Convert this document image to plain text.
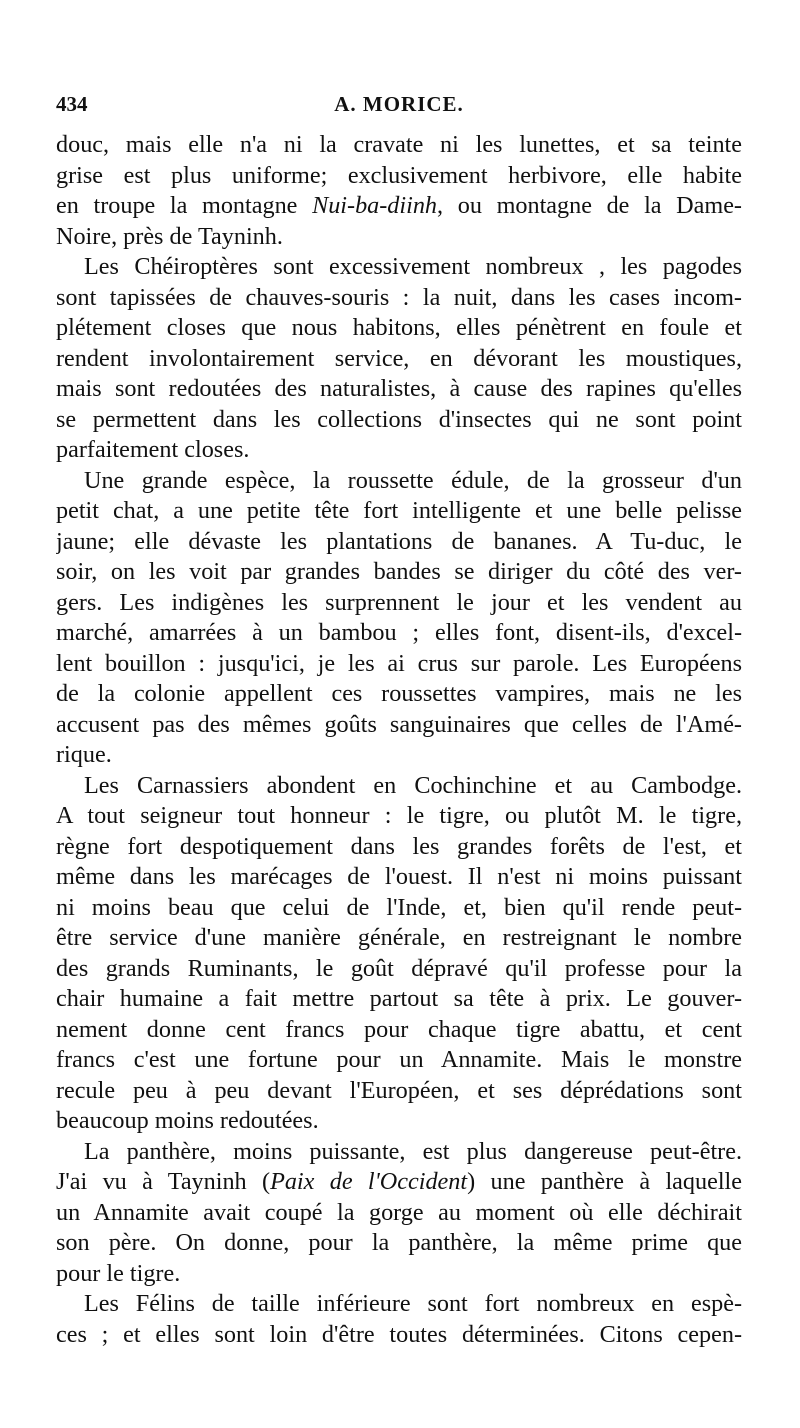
434	A. MORICE.
douc, mais elle n'a ni la cravate ni les lunettes, et sa teinte
grise est plus uniforme; exclusivement herbivore, elle habite
en troupe la montagne Nui-ba-diinh, ou montagne de la Dame-
Noire, près de Tayninh.
Les Chéiroptères sont excessivement nombreux , les pagodes
sont tapissées de chauves-souris : la nuit, dans les cases incom-
plétement closes que nous habitons, elles pénètrent en foule et
rendent involontairement service, en dévorant les moustiques,
mais sont redoutées des naturalistes, à cause des rapines qu'elles
se permettent dans les collections d'insectes qui ne sont point
parfaitement closes.
Une grande espèce, la roussette édule, de la grosseur d'un
petit chat, a une petite tête fort intelligente et une belle pelisse
jaune; elle dévaste les plantations de bananes. A Tu-duc, le
soir, on les voit par grandes bandes se diriger du côté des ver-
gers. Les indigènes les surprennent le jour et les vendent au
marché, amarrées à un bambou ; elles font, disent-ils, d'excel-
lent bouillon : jusqu'ici, je les ai crus sur parole. Les Européens
de la colonie appellent ces roussettes vampires, mais ne les
accusent pas des mêmes goûts sanguinaires que celles de l'Amé-
rique.
Les Carnassiers abondent en Cochinchine et au Cambodge.
A tout seigneur tout honneur : le tigre, ou plutôt M. le tigre,
règne fort despotiquement dans les grandes forêts de l'est, et
même dans les marécages de l'ouest. Il n'est ni moins puissant
ni moins beau que celui de l'Inde, et, bien qu'il rende peut-
être service d'une manière générale, en restreignant le nombre
des grands Ruminants, le goût dépravé qu'il professe pour la
chair humaine a fait mettre partout sa tête à prix. Le gouver-
nement donne cent francs pour chaque tigre abattu, et cent
francs c'est une fortune pour un Annamite. Mais le monstre
recule peu à peu devant l'Européen, et ses déprédations sont
beaucoup moins redoutées.
La panthère, moins puissante, est plus dangereuse peut-être.
J'ai vu à Tayninh (Paix de l'Occident) une panthère à laquelle
un Annamite avait coupé la gorge au moment où elle déchirait
son père. On donne, pour la panthère, la même prime que
pour le tigre.
Les Félins de taille inférieure sont fort nombreux en espè-
ces ; et elles sont loin d'être toutes déterminées. Citons cepen-
